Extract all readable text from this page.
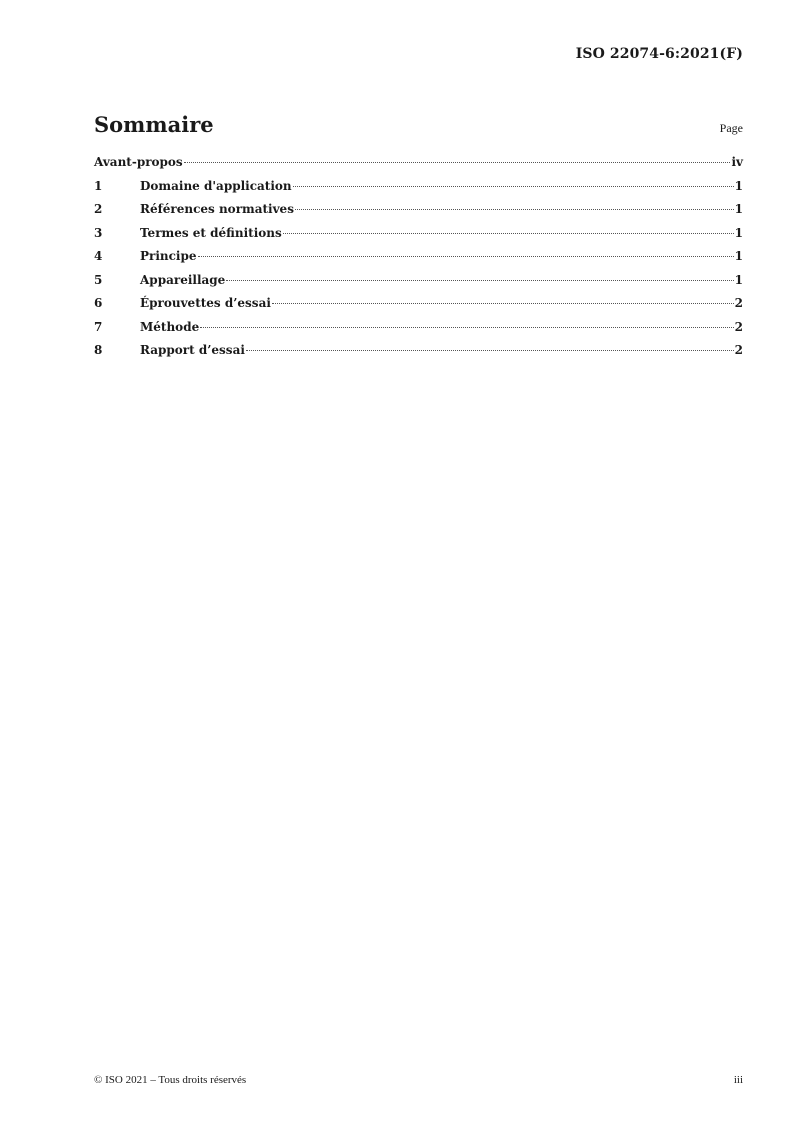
ISO 22074-6:2021(F)
Sommaire	Page
Avant-propos	iv
1	Domaine d'application	1
2	Références normatives	1
3	Termes et définitions	1
4	Principe	1
5	Appareillage	1
6	Éprouvettes d’essai	2
7	Méthode	2
8	Rapport d’essai	2
© ISO 2021 – Tous droits réservés	iii
